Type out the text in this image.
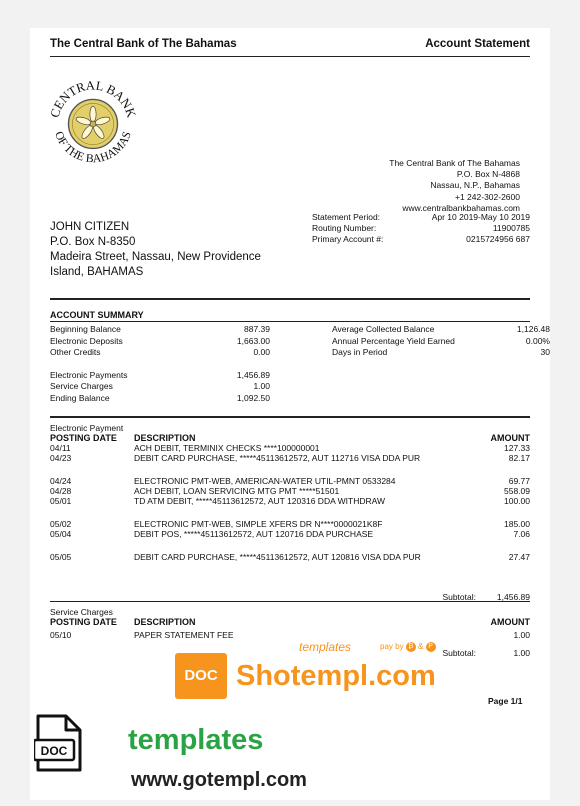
The Central Bank of The Bahamas	Account Statement
CENTRAL BANK
OF THE BAHAMAS
The Central Bank of The Bahamas
P.O. Box N-4868
Nassau, N.P., Bahamas
+1 242-302-2600
www.centralbankbahamas.com
JOHN CITIZEN
P.O. Box N-8350
Madeira Street, Nassau, New Providence
Island, BAHAMAS
Statement Period:	Apr 10 2019-May 10 2019
Routing Number:	11900785
Primary Account #:	0215724956 687
ACCOUNT SUMMARY
Beginning Balance	887.39
Electronic Deposits	1,663.00
Other Credits	0.00
Electronic Payments	1,456.89
Service Charges	1.00
Ending Balance	1,092.50
Average Collected Balance	1,126.48
Annual Percentage Yield Earned	0.00%
Days in Period	30
Electronic Payment
POSTING DATE DESCRIPTION	AMOUNT
04/11	ACH DEBIT, TERMINIX CHECKS ****100000001	127.33
04/23	DEBIT CARD PURCHASE, *****45113612572, AUT 112716 VISA DDA PUR	82.17
04/24	ELECTRONIC PMT-WEB, AMERICAN-WATER UTIL-PMNT 0533284	69.77
04/28	ACH DEBIT, LOAN SERVICING MTG PMT *****51501	558.09
05/01	TD ATM DEBIT, *****45113612572, AUT 120316 DDA WITHDRAW	100.00
05/02	ELECTRONIC PMT-WEB, SIMPLE XFERS DR N****0000021K8F	185.00
05/04	DEBIT POS, *****45113612572, AUT 120716 DDA PURCHASE	7.06
05/05	DEBIT CARD PURCHASE, *****45113612572, AUT 120816 VISA DDA PUR	27.47
Subtotal: 1,456.89
Service Charges
POSTING DATE DESCRIPTION	AMOUNT
05/10	PAPER STATEMENT FEE	1.00
Subtotal:	1.00
DOC
templates	pay by ₿ & P
Shotempl.com
Page 1/1
DOC templates
www.gotempl.com
